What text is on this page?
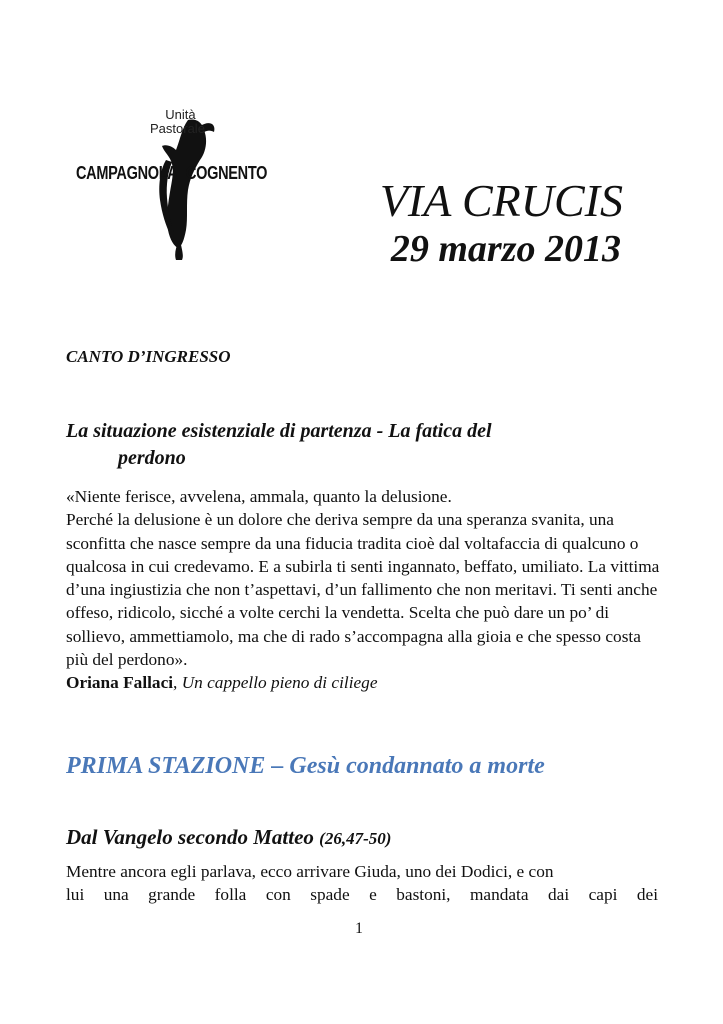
Unità
Pastorale
CAMPAGNOLA COGNENTO
VIA CRUCIS
29 marzo 2013
CANTO D’INGRESSO
La situazione esistenziale di partenza - La fatica del
perdono

«Niente ferisce, avvelena, ammala, quanto la delusione.

Perché la delusione è un dolore che deriva sempre da una speranza svanita, una sconfitta che nasce sempre da una fiducia tradita cioè dal voltafaccia di qualcuno o qualcosa in cui credevamo. E a subirla ti senti ingannato, beffato, umiliato. La vittima d’una ingiustizia che non t’aspettavi, d’un fallimento che non meritavi. Ti senti anche offeso, ridicolo, sicché a volte cerchi la vendetta. Scelta che può dare un po’ di sollievo, ammettiamolo, ma che di rado s’accompagna alla gioia e che spesso costa più del perdono».

Oriana Fallaci, Un cappello pieno di ciliege

PRIMA STAZIONE – Gesù condannato a morte
Dal Vangelo secondo Matteo (26,47-50)
Mentre ancora egli parlava, ecco arrivare Giuda, uno dei Dodici, e con
lui una grande folla con spade e bastoni, mandata dai capi dei
1
